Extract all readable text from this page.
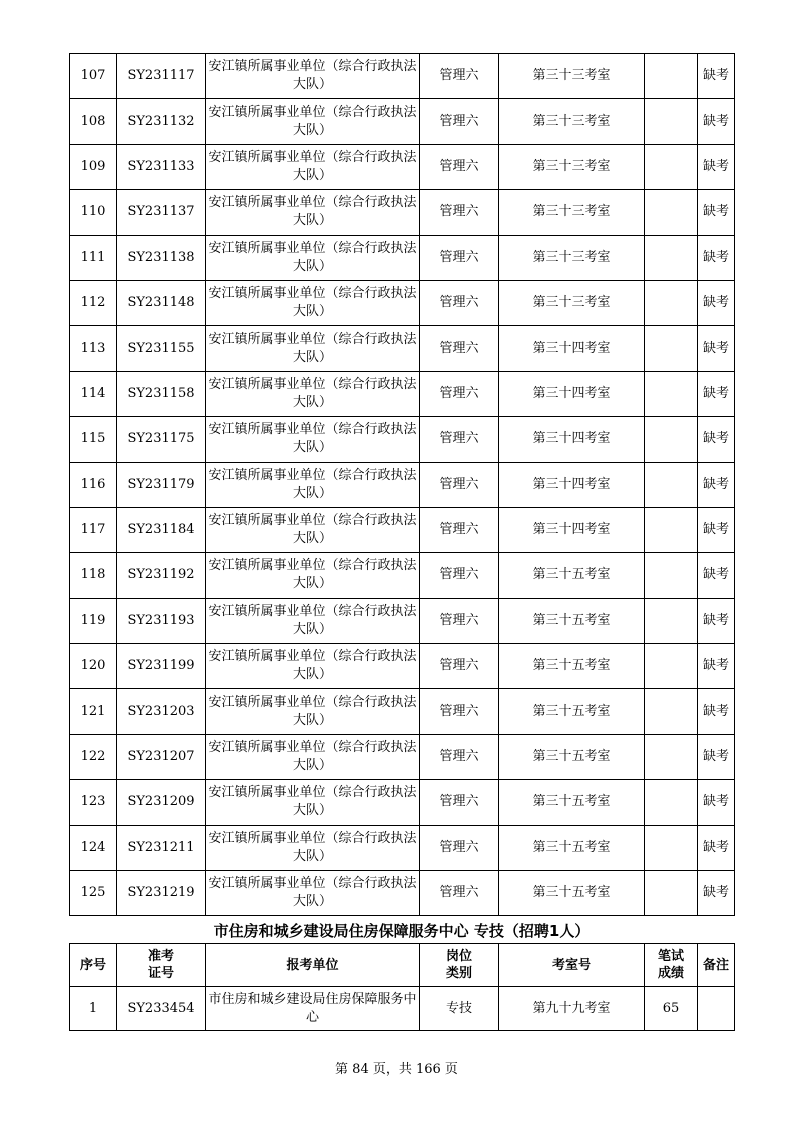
107	SY231117	安江镇所属事业单位（综合行政执法大队）	管理六	第三十三考室		缺考
108	SY231132	安江镇所属事业单位（综合行政执法大队）	管理六	第三十三考室		缺考
109	SY231133	安江镇所属事业单位（综合行政执法大队）	管理六	第三十三考室		缺考
110	SY231137	安江镇所属事业单位（综合行政执法大队）	管理六	第三十三考室		缺考
111	SY231138	安江镇所属事业单位（综合行政执法大队）	管理六	第三十三考室		缺考
112	SY231148	安江镇所属事业单位（综合行政执法大队）	管理六	第三十三考室		缺考
113	SY231155	安江镇所属事业单位（综合行政执法大队）	管理六	第三十四考室		缺考
114	SY231158	安江镇所属事业单位（综合行政执法大队）	管理六	第三十四考室		缺考
115	SY231175	安江镇所属事业单位（综合行政执法大队）	管理六	第三十四考室		缺考
116	SY231179	安江镇所属事业单位（综合行政执法大队）	管理六	第三十四考室		缺考
117	SY231184	安江镇所属事业单位（综合行政执法大队）	管理六	第三十四考室		缺考
118	SY231192	安江镇所属事业单位（综合行政执法大队）	管理六	第三十五考室		缺考
119	SY231193	安江镇所属事业单位（综合行政执法大队）	管理六	第三十五考室		缺考
120	SY231199	安江镇所属事业单位（综合行政执法大队）	管理六	第三十五考室		缺考
121	SY231203	安江镇所属事业单位（综合行政执法大队）	管理六	第三十五考室		缺考
122	SY231207	安江镇所属事业单位（综合行政执法大队）	管理六	第三十五考室		缺考
123	SY231209	安江镇所属事业单位（综合行政执法大队）	管理六	第三十五考室		缺考
124	SY231211	安江镇所属事业单位（综合行政执法大队）	管理六	第三十五考室		缺考
125	SY231219	安江镇所属事业单位（综合行政执法大队）	管理六	第三十五考室		缺考
市住房和城乡建设局住房保障服务中心 专技（招聘1人）
序号	准考证号	报考单位	岗位类别	考室号	笔试成绩	备注
1	SY233454	市住房和城乡建设局住房保障服务中心	专技	第九十九考室	65	
第 84 页，共 166 页
